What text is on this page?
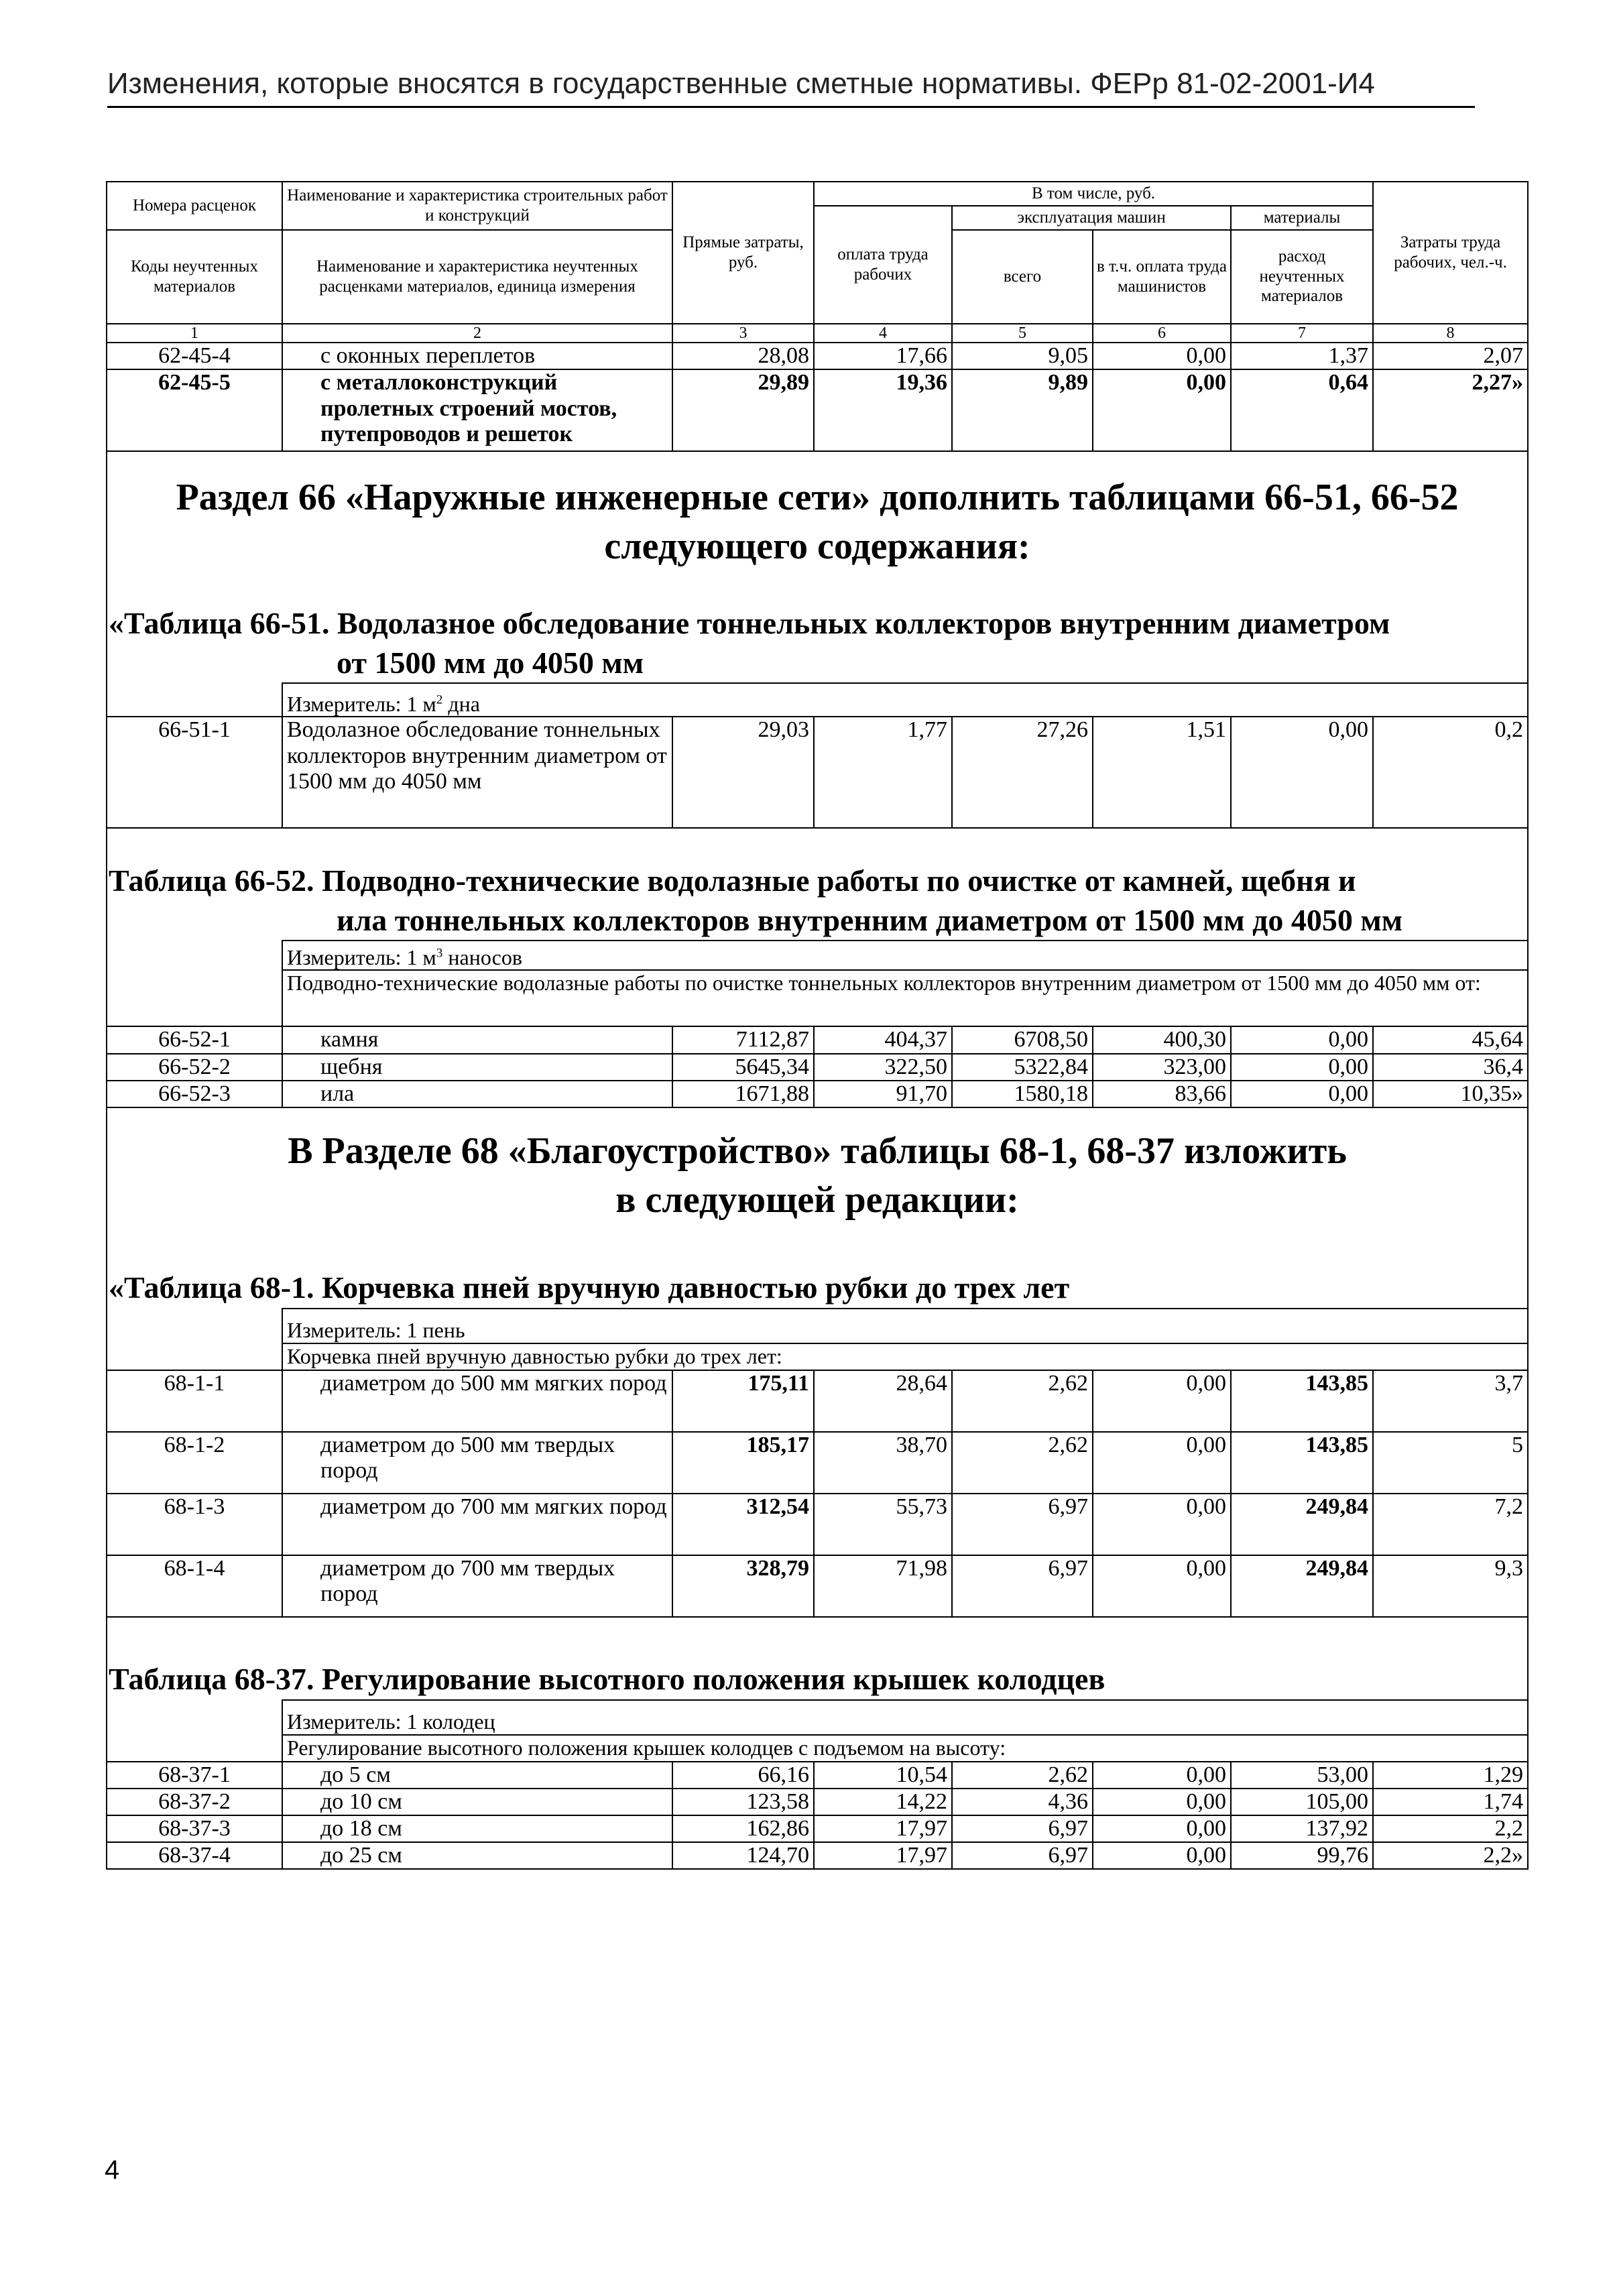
Изменения, которые вносятся в государственные сметные нормативы. ФЕРр 81-02-2001-И4
Номера расценок	Наименование и характеристика строительных работ и конструкций	Прямые затраты, руб.	В том числе, руб.				Затраты труда рабочих, чел.-ч.
			оплата труда рабочих	эксплуатация машин		материалы	
Коды неучтенных материалов	Наименование и характеристика неучтенных расценками материалов, единица измерения			всего	в т.ч. оплата труда машинистов	расход неучтенных материалов	

1	2	3	4	5	6	7	8
62-45-4	с оконных переплетов	28,08	17,66	9,05	0,00	1,37	2,07
62-45-5	с металлоконструкций пролетных строений мостов, путепроводов и решеток	29,89	19,36	9,89	0,00	0,64	2,27»
Раздел 66 «Наружные инженерные сети» дополнить таблицами 66-51, 66-52
следующего содержания:							
«Таблица 66-51. Водолазное обследование тоннельных коллекторов внутренним диаметром
от 1500 мм до 4050 мм							

	Измеритель: 1 $м^2$ дна						
66-51-1	Водолазное обследование тоннельных коллекторов внутренним диаметром от 1500 мм до 4050 мм	29,03	1,77	27,26	1,51	0,00	0,2
Таблица 66-52. Подводно-технические водолазные работы по очистке от камней, щебня и
ила тоннельных коллекторов внутренним диаметром от 1500 мм до 4050 мм							

	Измеритель: 1 $м^3$ наносов						
	Подводно-технические водолазные работы по очистке тоннельных коллекторов внутренним диаметром от 1500 мм до 4050 мм от:						
66-52-1	камня	7112,87	404,37	6708,50	400,30	0,00	45,64
66-52-2	щебня	5645,34	322,50	5322,84	323,00	0,00	36,4
66-52-3	ила	1671,88	91,70	1580,18	83,66	0,00	10,35»
В Разделе 68 «Благоустройство» таблицы 68-1, 68-37 изложить
в следующей редакции:							
«Таблица 68-1. Корчевка пней вручную давностью рубки до трех лет							
	Измеритель: 1 пень						
	Корчевка пней вручную давностью рубки до трех лет:						
68-1-1	диаметром до 500 мм мягких пород	175,11	28,64	2,62	0,00	143,85	3,7
68-1-2	диаметром до 500 мм твердых пород	185,17	38,70	2,62	0,00	143,85	5
68-1-3	диаметром до 700 мм мягких пород	312,54	55,73	6,97	0,00	249,84	7,2
68-1-4	диаметром до 700 мм твердых пород	328,79	71,98	6,97	0,00	249,84	9,3
Таблица 68-37. Регулирование высотного положения крышек колодцев							
	Измеритель: 1 колодец						
	Регулирование высотного положения крышек колодцев с подъемом на высоту:						
68-37-1	до 5 см	66,16	10,54	2,62	0,00	53,00	1,29
68-37-2	до 10 см	123,58	14,22	4,36	0,00	105,00	1,74
68-37-3	до 18 см	162,86	17,97	6,97	0,00	137,92	2,2
68-37-4	до 25 см	124,70	17,97	6,97	0,00	99,76	2,2»
4
